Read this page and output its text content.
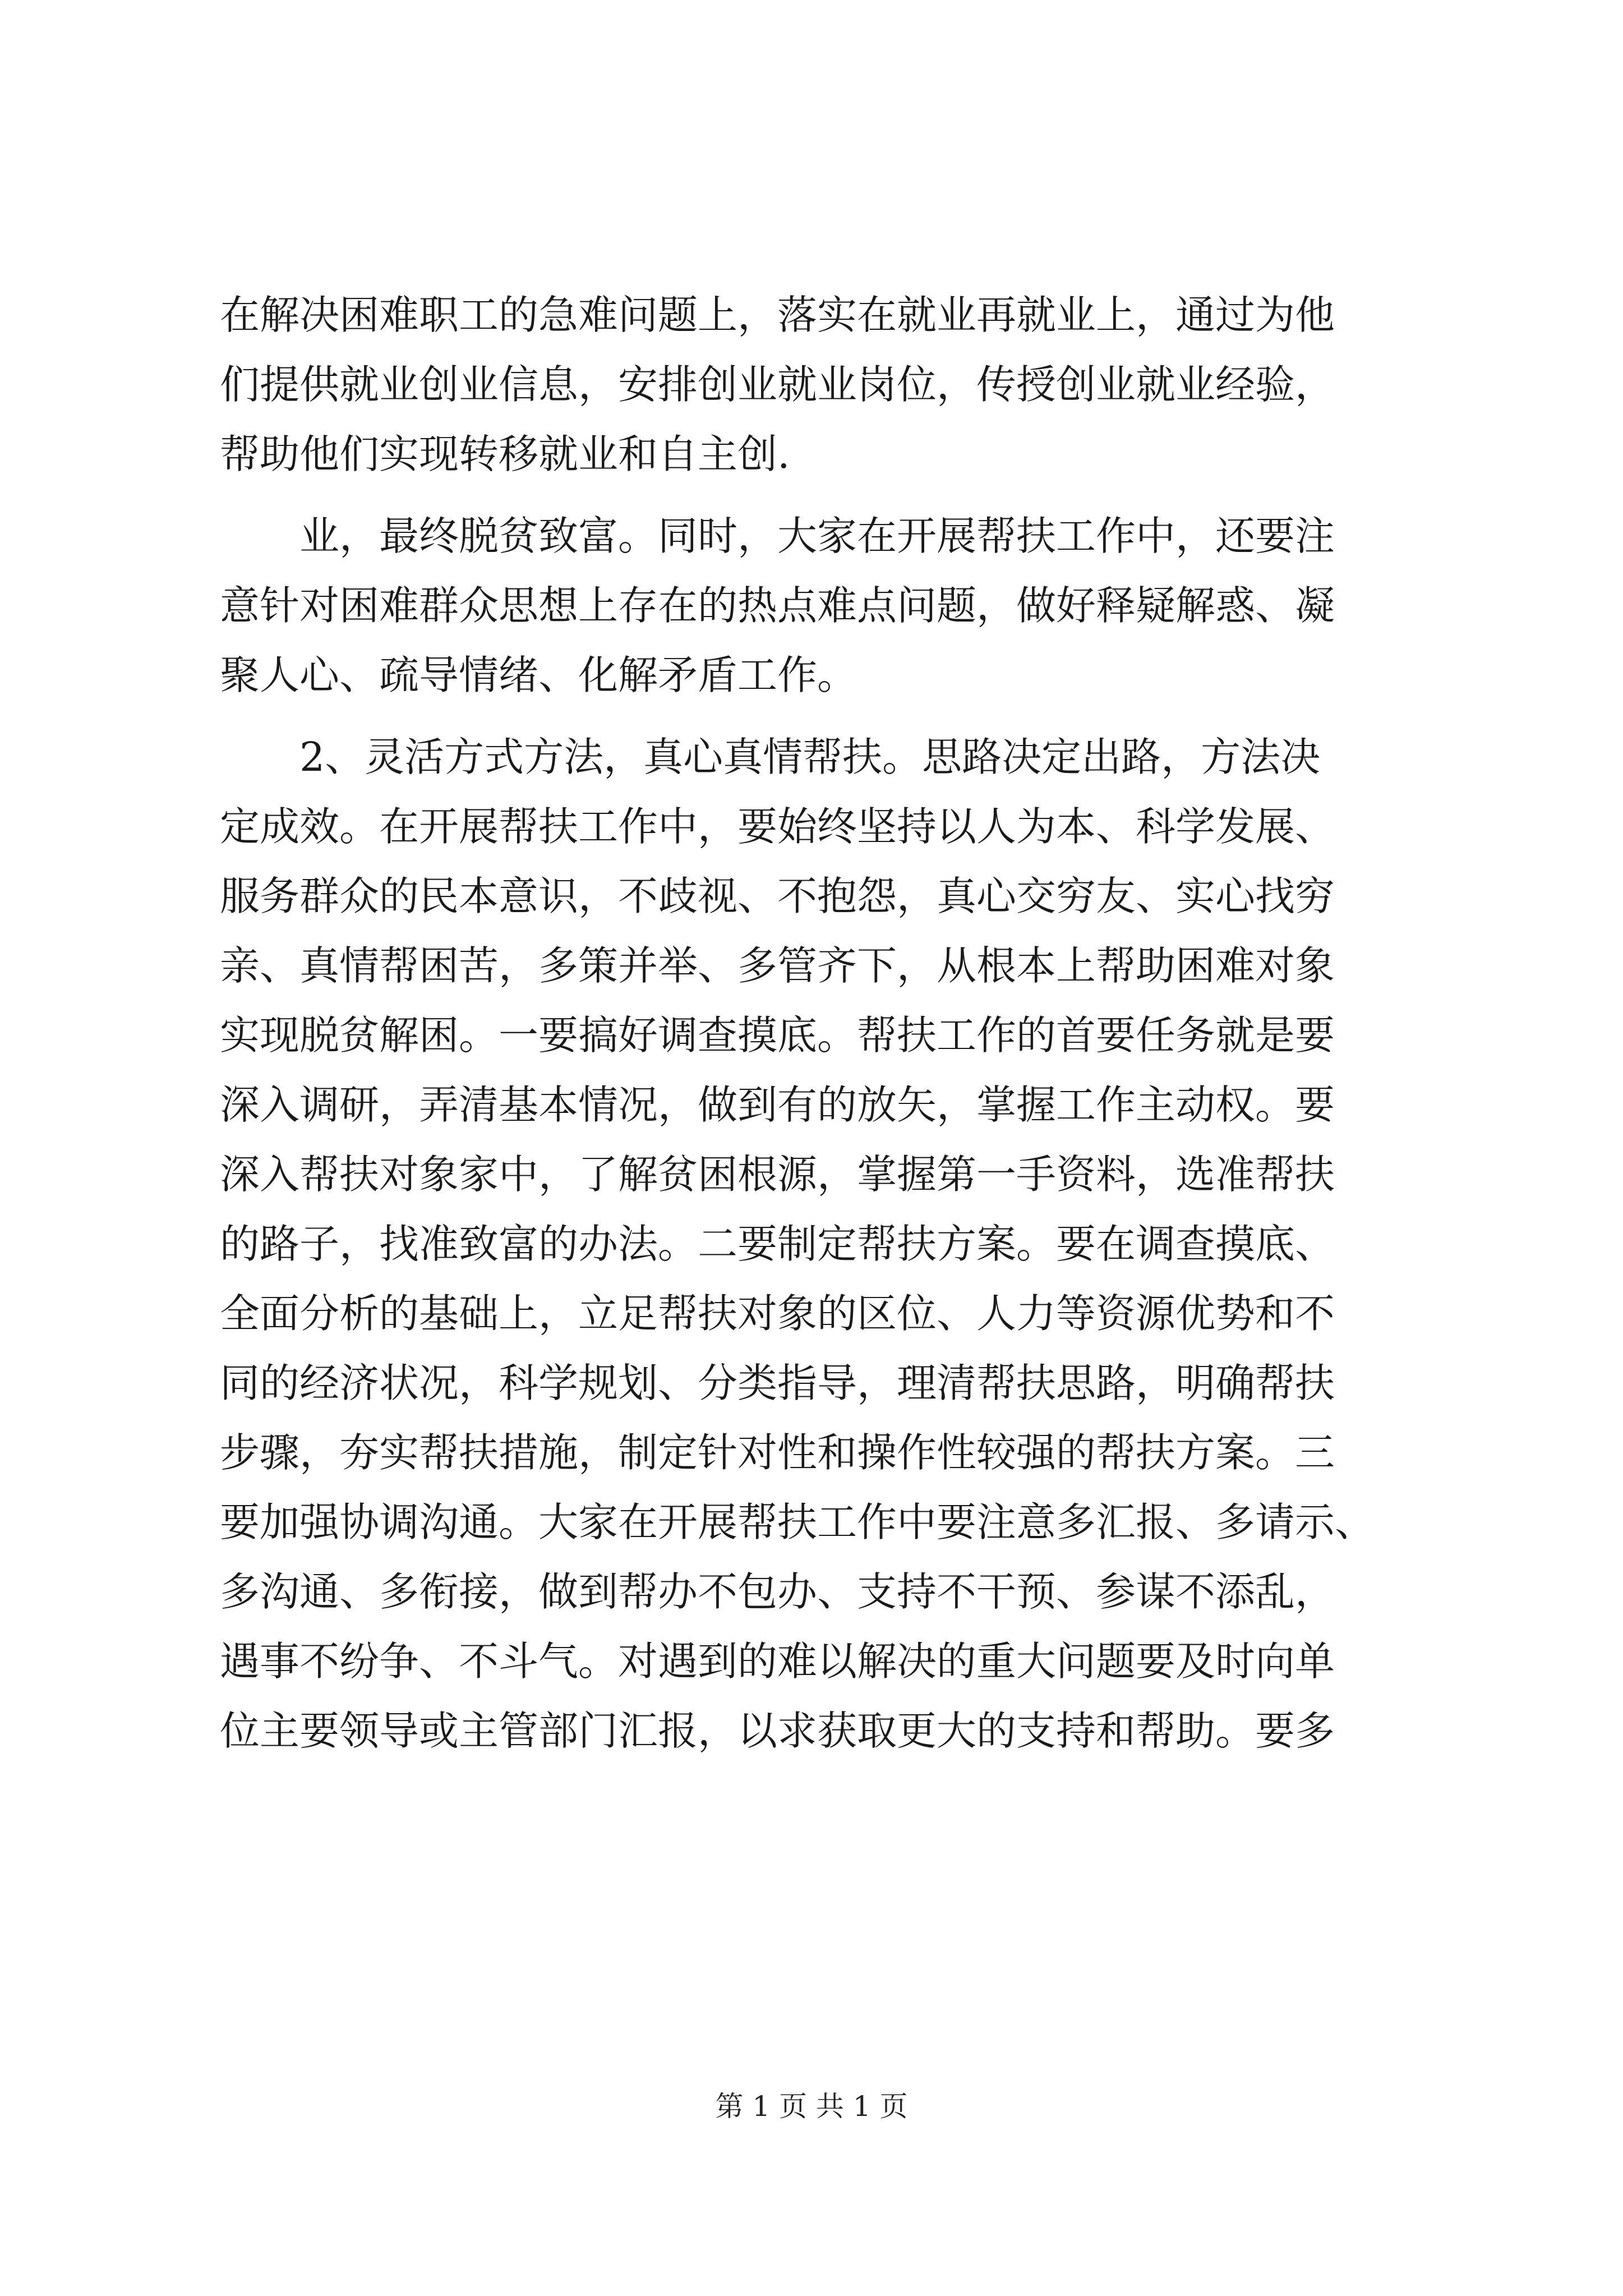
在解决困难职工的急难问题上，落实在就业再就业上，通过为他
们提供就业创业信息，安排创业就业岗位，传授创业就业经验，
帮助他们实现转移就业和自主创.
业，最终脱贫致富。同时，大家在开展帮扶工作中，还要注
意针对困难群众思想上存在的热点难点问题，做好释疑解惑、凝
聚人心、疏导情绪、化解矛盾工作。
2、灵活方式方法，真心真情帮扶。思路决定出路，方法决
定成效。在开展帮扶工作中，要始终坚持以人为本、科学发展、
服务群众的民本意识，不歧视、不抱怨，真心交穷友、实心找穷
亲、真情帮困苦，多策并举、多管齐下，从根本上帮助困难对象
实现脱贫解困。一要搞好调查摸底。帮扶工作的首要任务就是要
深入调研，弄清基本情况，做到有的放矢，掌握工作主动权。要
深入帮扶对象家中，了解贫困根源，掌握第一手资料，选准帮扶
的路子，找准致富的办法。二要制定帮扶方案。要在调查摸底、
全面分析的基础上，立足帮扶对象的区位、人力等资源优势和不
同的经济状况，科学规划、分类指导，理清帮扶思路，明确帮扶
步骤，夯实帮扶措施，制定针对性和操作性较强的帮扶方案。三
要加强协调沟通。大家在开展帮扶工作中要注意多汇报、多请示、
多沟通、多衔接，做到帮办不包办、支持不干预、参谋不添乱，
遇事不纷争、不斗气。对遇到的难以解决的重大问题要及时向单
位主要领导或主管部门汇报，以求获取更大的支持和帮助。要多
第 1 页 共 1 页
